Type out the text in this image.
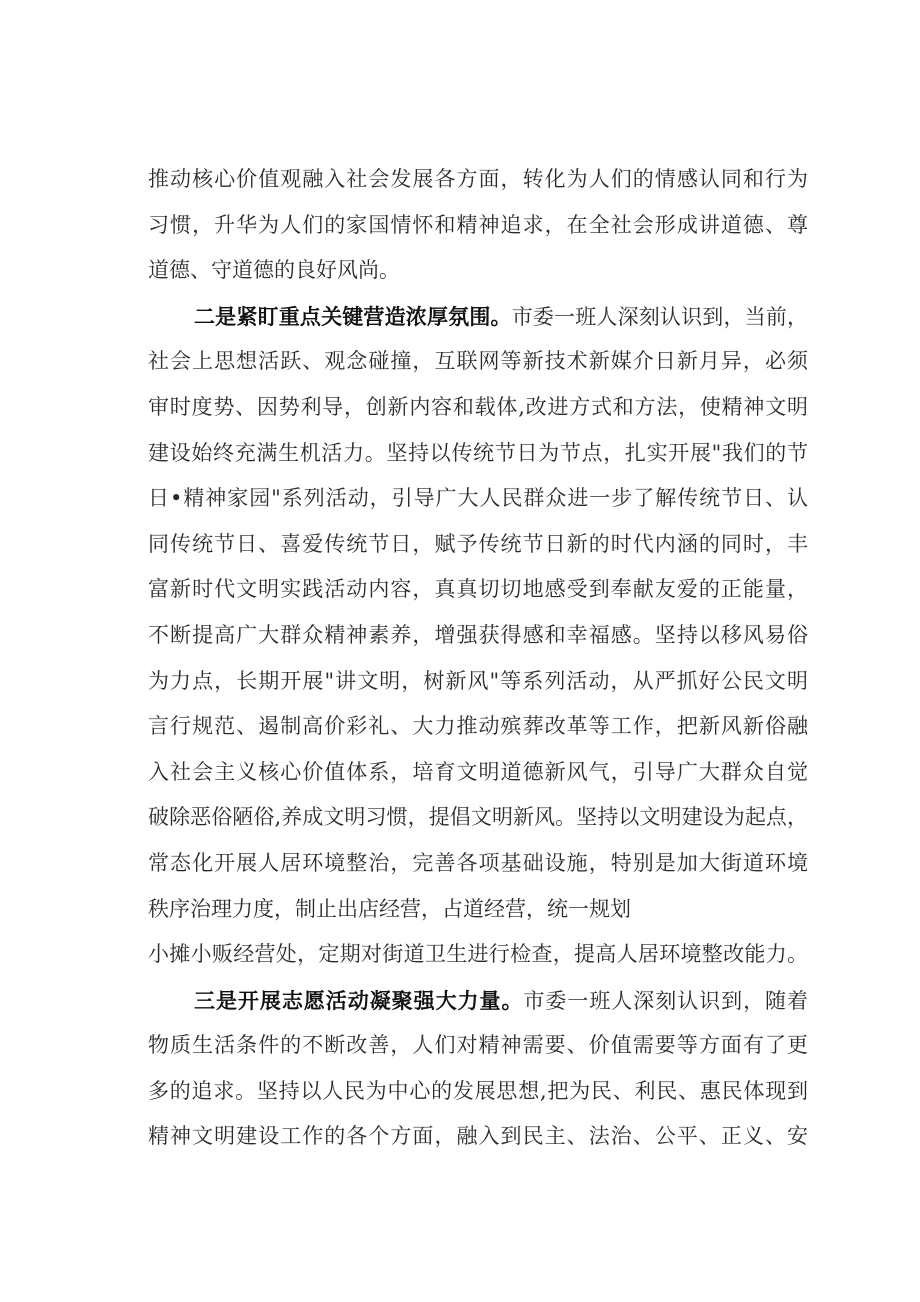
推动核心价值观融入社会发展各方面，转化为人们的情感认同和行为
习惯，升华为人们的家国情怀和精神追求，在全社会形成讲道德、尊
道德、守道德的良好风尚。
二是紧盯重点关键营造浓厚氛围。市委一班人深刻认识到，当前，
社会上思想活跃、观念碰撞，互联网等新技术新媒介日新月异，必须
审时度势、因势利导，创新内容和载体,改进方式和方法，使精神文明
建设始终充满生机活力。坚持以传统节日为节点，扎实开展"我们的节
日•精神家园"系列活动，引导广大人民群众进一步了解传统节日、认
同传统节日、喜爱传统节日，赋予传统节日新的时代内涵的同时，丰
富新时代文明实践活动内容，真真切切地感受到奉献友爱的正能量，
不断提高广大群众精神素养，增强获得感和幸福感。坚持以移风易俗
为力点，长期开展"讲文明，树新风"等系列活动，从严抓好公民文明
言行规范、遏制高价彩礼、大力推动殡葬改革等工作，把新风新俗融
入社会主义核心价值体系，培育文明道德新风气，引导广大群众自觉
破除恶俗陋俗,养成文明习惯，提倡文明新风。坚持以文明建设为起点，
常态化开展人居环境整治，完善各项基础设施，特别是加大街道环境
秩序治理力度，制止出店经营，占道经营，统一规划
小摊小贩经营处，定期对街道卫生进行检查，提高人居环境整改能力。
三是开展志愿活动凝聚强大力量。市委一班人深刻认识到，随着
物质生活条件的不断改善，人们对精神需要、价值需要等方面有了更
多的追求。坚持以人民为中心的发展思想,把为民、利民、惠民体现到
精神文明建设工作的各个方面，融入到民主、法治、公平、正义、安
